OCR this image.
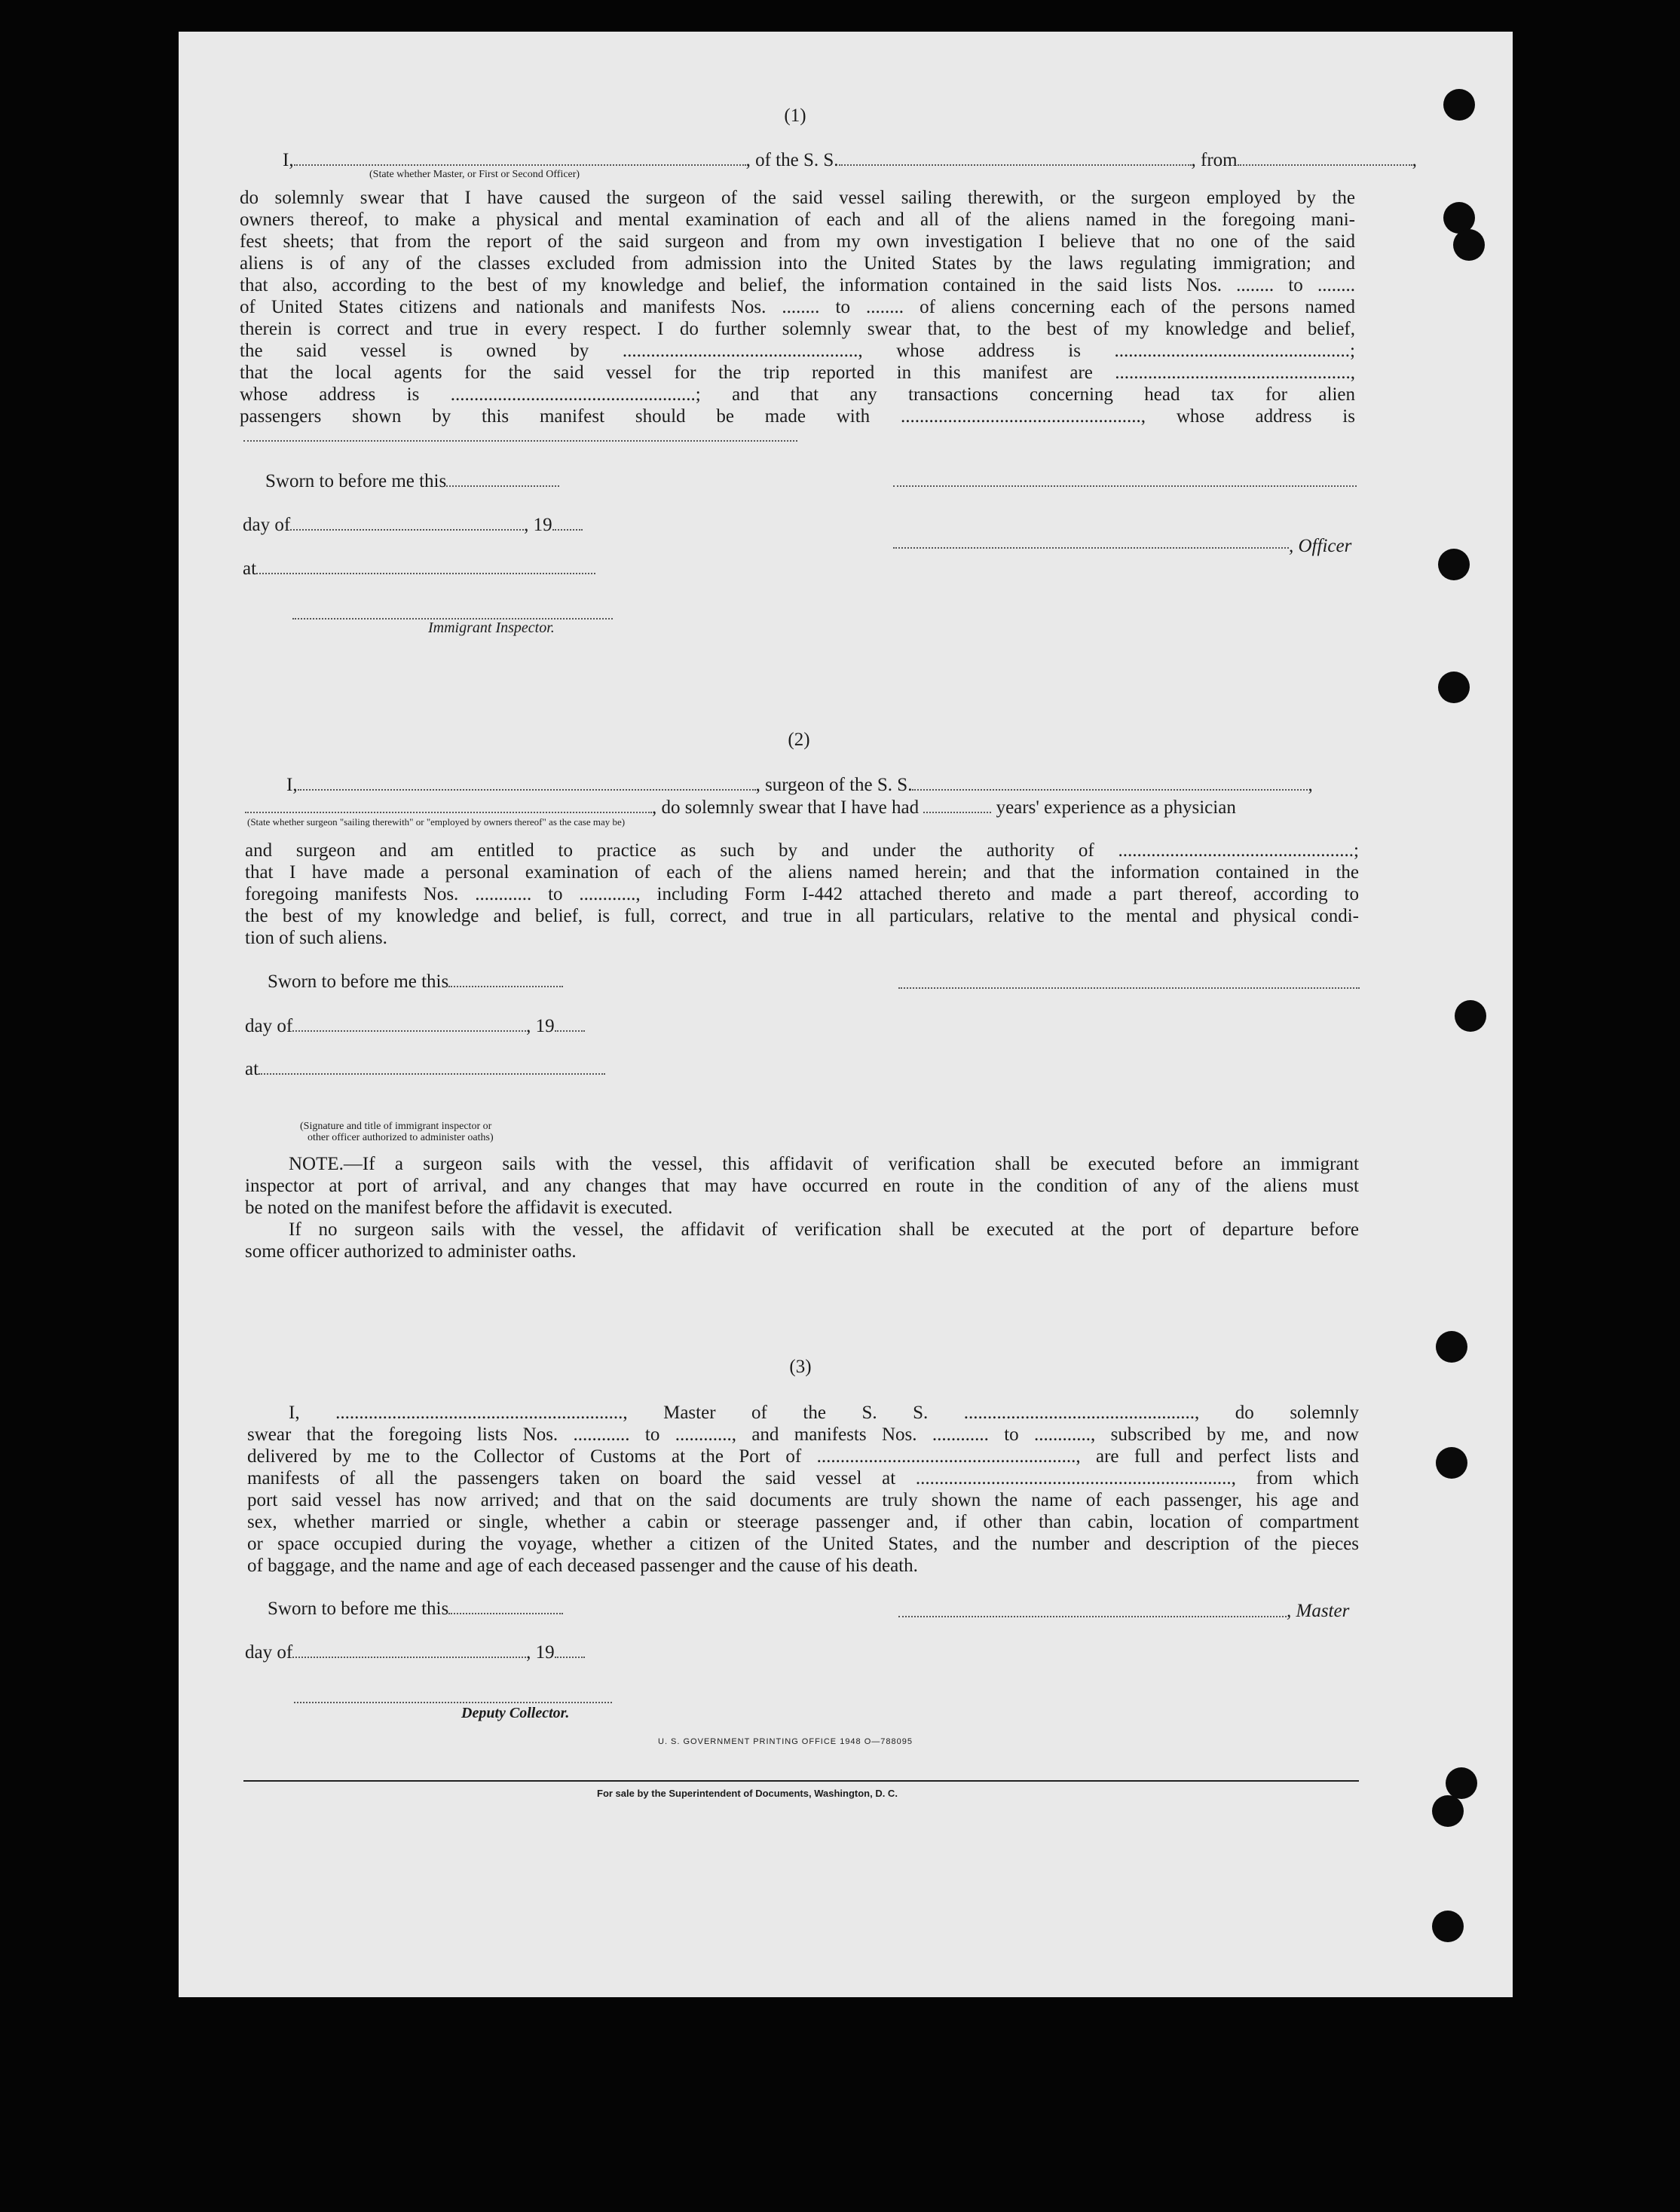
(1)
I,	, of the S. S.	, from	,
(State whether Master, or First or Second Officer)

do solemnly swear that I have caused the surgeon of the said vessel sailing therewith, or the surgeon employed by the

owners thereof, to make a physical and mental examination of each and all of the aliens named in the foregoing mani-

fest sheets; that from the report of the said surgeon and from my own investigation I believe that no one of the said

aliens is of any of the classes excluded from admission into the United States by the laws regulating immigration; and

that also, according to the best of my knowledge and belief, the information contained in the said lists Nos. ........ to ........

of United States citizens and nationals and manifests Nos. ........ to ........ of aliens concerning each of the persons named

therein is correct and true in every respect. I do further solemnly swear that, to the best of my knowledge and belief,

the said vessel is owned by .................................................., whose address is ..................................................;

that the local agents for the said vessel for the trip reported in this manifest are ..................................................,

whose address is ....................................................; and that any transactions concerning head tax for alien

passengers shown by this manifest should be made with ..................................................., whose address is

Sworn to before me this
day of	, 19
, Officer
at
Immigrant Inspector.
(2)
I,	, surgeon of the S. S.	,
, do solemnly swear that I have had	years' experience as a physician
(State whether surgeon "sailing therewith" or "employed by owners thereof" as the case may be)

and surgeon and am entitled to practice as such by and under the authority of ..................................................;

that I have made a personal examination of each of the aliens named herein; and that the information contained in the

foregoing manifests Nos. ............ to ............, including Form I-442 attached thereto and made a part thereof, according to

the best of my knowledge and belief, is full, correct, and true in all particulars, relative to the mental and physical condi-

tion of such aliens.

Sworn to before me this
day of	, 19
at
(Signature and title of immigrant inspector or
other officer authorized to administer oaths)

NOTE.—If a surgeon sails with the vessel, this affidavit of verification shall be executed before an immigrant

inspector at port of arrival, and any changes that may have occurred en route in the condition of any of the aliens must

be noted on the manifest before the affidavit is executed.

If no surgeon sails with the vessel, the affidavit of verification shall be executed at the port of departure before

some officer authorized to administer oaths.

(3)

I, ............................................................., Master of the S. S. ................................................., do solemnly

swear that the foregoing lists Nos. ............ to ............, and manifests Nos. ............ to ............, subscribed by me, and now

delivered by me to the Collector of Customs at the Port of ......................................................., are full and perfect lists and

manifests of all the passengers taken on board the said vessel at ..................................................................., from which

port said vessel has now arrived; and that on the said documents are truly shown the name of each passenger, his age and

sex, whether married or single, whether a cabin or steerage passenger and, if other than cabin, location of compartment

or space occupied during the voyage, whether a citizen of the United States, and the number and description of the pieces

of baggage, and the name and age of each deceased passenger and the cause of his death.

Sworn to before me this	, Master
day of	, 19
Deputy Collector.
U. S. GOVERNMENT PRINTING OFFICE 1948 O—788095
For sale by the Superintendent of Documents, Washington, D. C.
